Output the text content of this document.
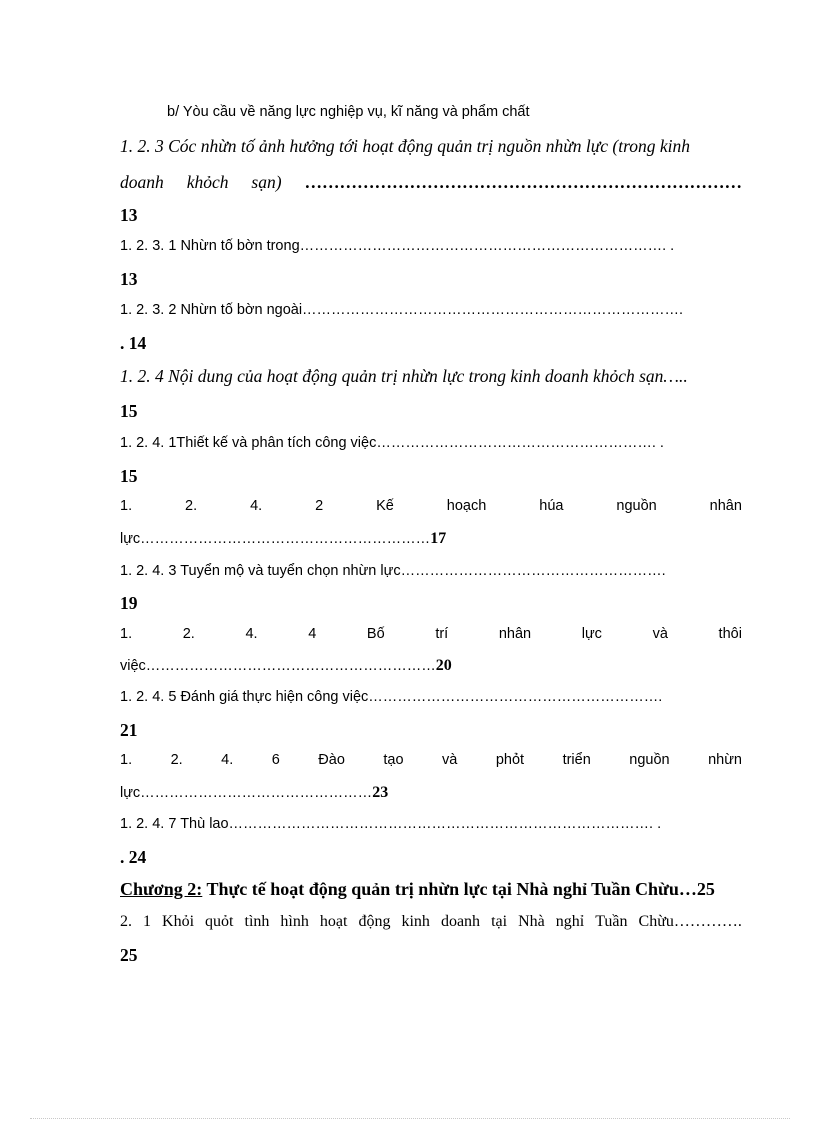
b/ Yòu cầu về năng lực nghiệp vụ, kĩ năng và phẩm chất
1. 2. 3 Cóc nhừn tố ảnh hưởng tới hoạt động quản trị nguồn nhừn lực (trong kinh
doanh khỏch sạn) …………………………………………………………………
13
1. 2. 3. 1 Nhừn tố bờn trong…………………………………………………………………. .
13
1. 2. 3. 2 Nhừn tố bờn ngoài…………………………………………………………………….
. 14
1. 2. 4 Nội dung của hoạt động quản trị nhừn lực trong kinh doanh khỏch sạn…..
15
1. 2. 4. 1Thiết kế và phân tích công việc…………………………………………………. .
15
1.	2.	4.	2	Kế	hoạch	húa	nguồn	nhân
lực……………………………………………………17
1. 2. 4. 3 Tuyển mộ và tuyển chọn nhừn lực……………………………………………….
19
1.	2.	4.	4	Bố	trí	nhân	lực	và	thôi
việc……………………………………………………20
1. 2. 4. 5 Đánh giá thực hiện công việc…………………………………………………….
21
1.	2.	4.	6	Đào	tạo	và	phỏt	triển	nguồn	nhừn
lực…………………………………………23
1. 2. 4. 7 Thù lao……………………………………………………………………………. .
. 24
Chương 2: Thực tế hoạt động quản trị nhừn lực tại Nhà nghỉ Tuần Chừu…25
2. 1 Khỏi quỏt tình hình hoạt động kinh doanh tại Nhà nghỉ Tuần Chừu………….
25
